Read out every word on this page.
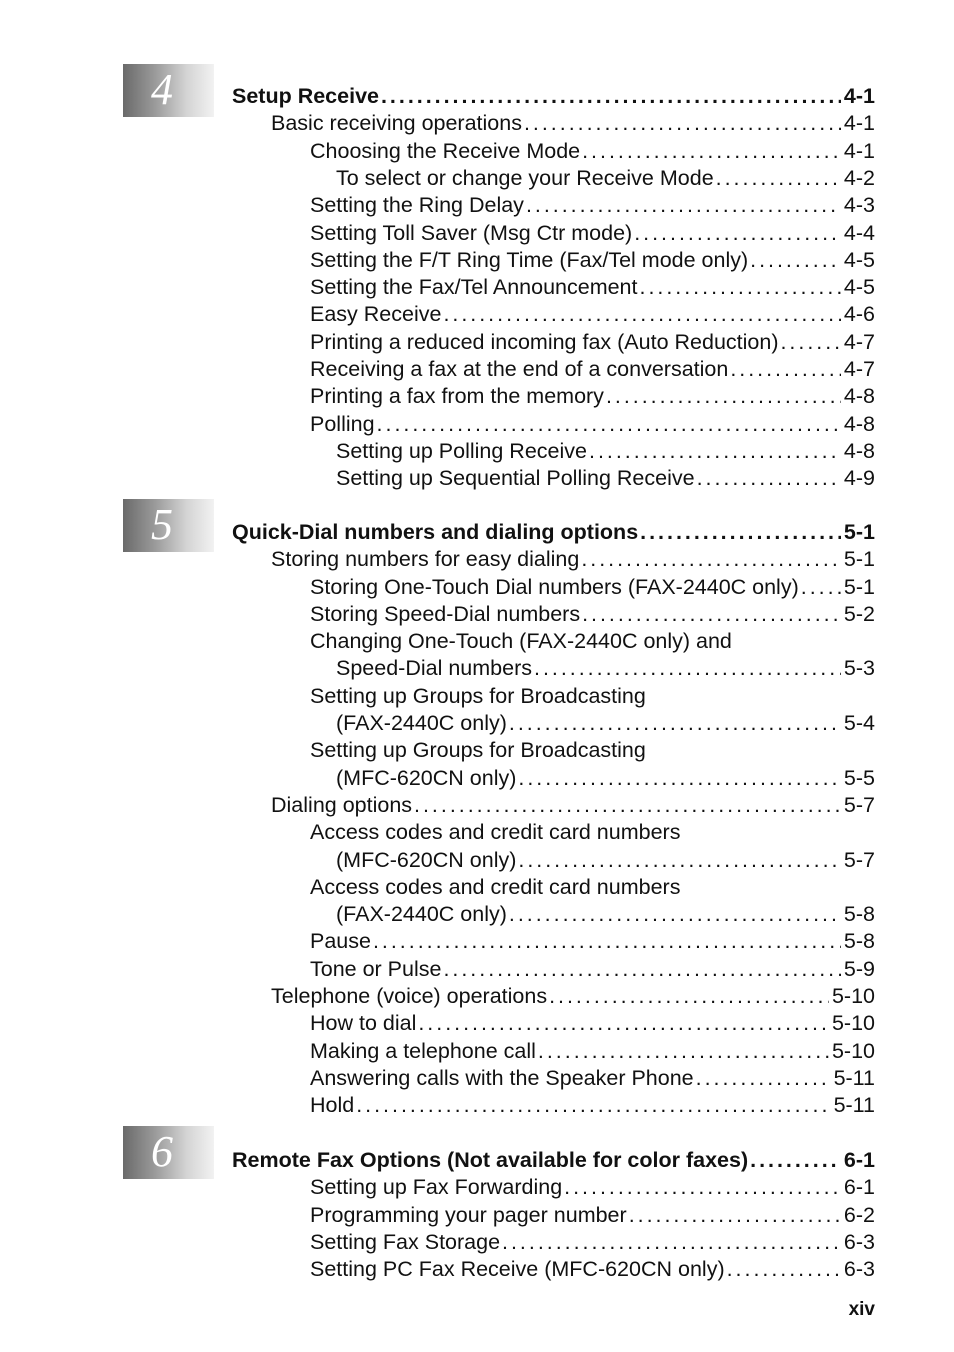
4	Setup Receive . . .	4-1
Basic receiving operations . . .	4-1
Choosing the Receive Mode . . .	4-1
To select or change your Receive Mode . . .	4-2
Setting the Ring Delay . . .	4-3
Setting Toll Saver (Msg Ctr mode) . . .	4-4
Setting the F/T Ring Time (Fax/Tel mode only) . . .	4-5
Setting the Fax/Tel Announcement . . .	4-5
Easy Receive . . .	4-6
Printing a reduced incoming fax (Auto Reduction) . . .	4-7
Receiving a fax at the end of a conversation . . .	4-7
Printing a fax from the memory . . .	4-8
Polling . . .	4-8
Setting up Polling Receive . . .	4-8
Setting up Sequential Polling Receive . . .	4-9
5	Quick-Dial numbers and dialing options . . .	5-1
Storing numbers for easy dialing . . .	5-1
Storing One-Touch Dial numbers (FAX-2440C only) . . . 5-1
Storing Speed-Dial numbers . . .	5-2
Changing One-Touch (FAX-2440C only) and
Speed-Dial numbers . . .	5-3
Setting up Groups for Broadcasting
(FAX-2440C only) . . .	5-4
Setting up Groups for Broadcasting
(MFC-620CN only) . . .	5-5
Dialing options . . .	5-7
Access codes and credit card numbers
(MFC-620CN only) . . .	5-7
Access codes and credit card numbers
(FAX-2440C only) . . .	5-8
Pause . . .	5-8
Tone or Pulse . . .	5-9
Telephone (voice) operations . . .	5-10
How to dial . . .	5-10
Making a telephone call . . .	5-10
Answering calls with the Speaker Phone . . .	5-11
Hold . . .	5-11
6	Remote Fax Options (Not available for color faxes) . . .	6-1
Setting up Fax Forwarding . . .	6-1
Programming your pager number . . .	6-2
Setting Fax Storage . . .	6-3
Setting PC Fax Receive (MFC-620CN only) . . .	6-3
xiv
